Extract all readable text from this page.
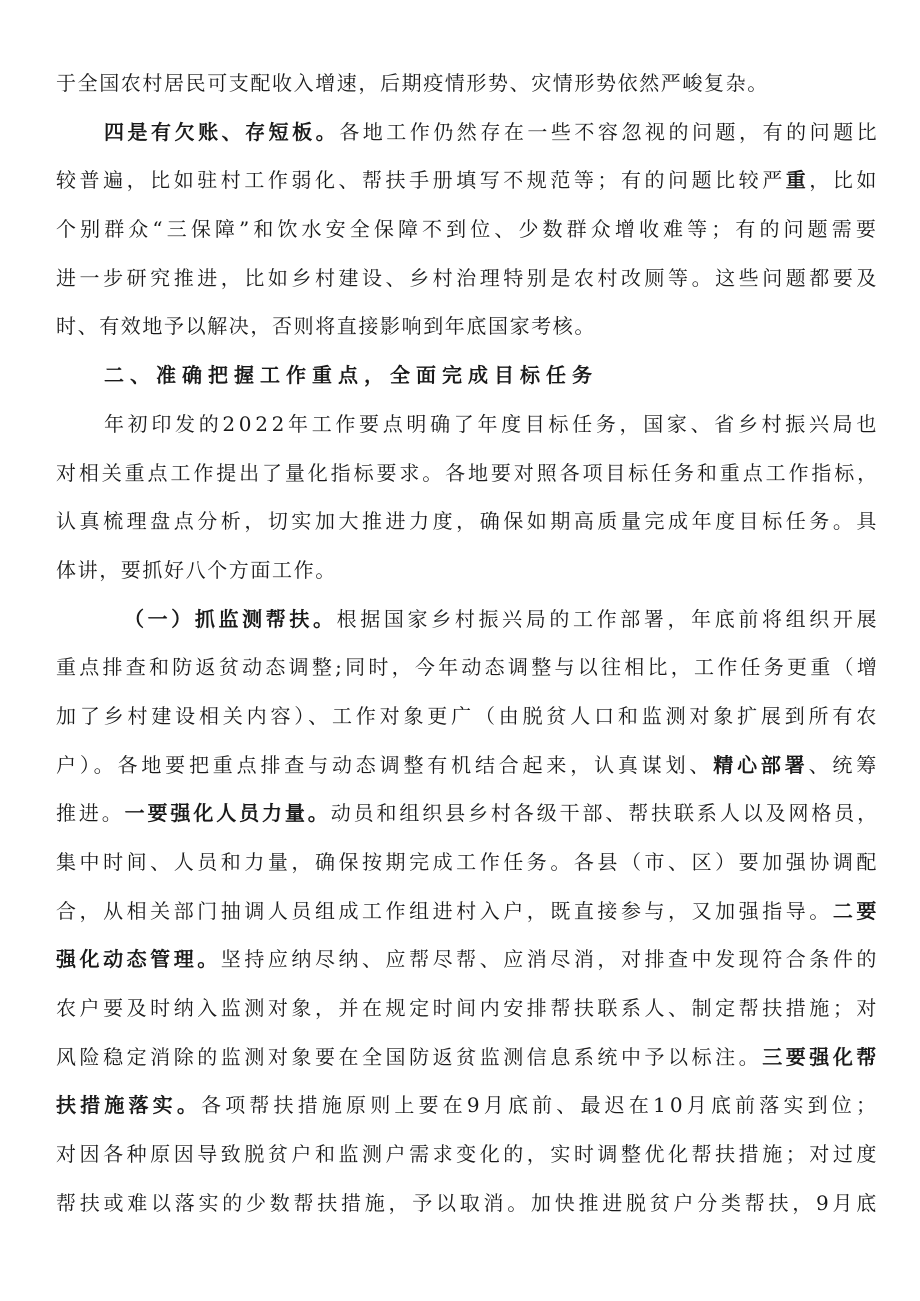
于全国农村居民可支配收入增速，后期疫情形势、灾情形势依然严峻复杂。
四是有欠账、存短板。各地工作仍然存在一些不容忽视的问题，有的问题比
较普遍，比如驻村工作弱化、帮扶手册填写不规范等；有的问题比较严重，比如
个别群众“三保障”和饮水安全保障不到位、少数群众增收难等；有的问题需要
进一步研究推进，比如乡村建设、乡村治理特别是农村改厕等。这些问题都要及
时、有效地予以解决，否则将直接影响到年底国家考核。
二、准确把握工作重点，全面完成目标任务
年初印发的2022年工作要点明确了年度目标任务，国家、省乡村振兴局也
对相关重点工作提出了量化指标要求。各地要对照各项目标任务和重点工作指标，
认真梳理盘点分析，切实加大推进力度，确保如期高质量完成年度目标任务。具
体讲，要抓好八个方面工作。
（一）抓监测帮扶。根据国家乡村振兴局的工作部署，年底前将组织开展
重点排查和防返贫动态调整;同时，今年动态调整与以往相比，工作任务更重（增
加了乡村建设相关内容）、工作对象更广（由脱贫人口和监测对象扩展到所有农
户）。各地要把重点排查与动态调整有机结合起来，认真谋划、精心部署、统筹
推进。一要强化人员力量。动员和组织县乡村各级干部、帮扶联系人以及网格员，
集中时间、人员和力量，确保按期完成工作任务。各县（市、区）要加强协调配
合，从相关部门抽调人员组成工作组进村入户，既直接参与，又加强指导。二要
强化动态管理。坚持应纳尽纳、应帮尽帮、应消尽消，对排查中发现符合条件的
农户要及时纳入监测对象，并在规定时间内安排帮扶联系人、制定帮扶措施；对
风险稳定消除的监测对象要在全国防返贫监测信息系统中予以标注。三要强化帮
扶措施落实。各项帮扶措施原则上要在9月底前、最迟在10月底前落实到位；
对因各种原因导致脱贫户和监测户需求变化的，实时调整优化帮扶措施；对过度
帮扶或难以落实的少数帮扶措施，予以取消。加快推进脱贫户分类帮扶，9月底
